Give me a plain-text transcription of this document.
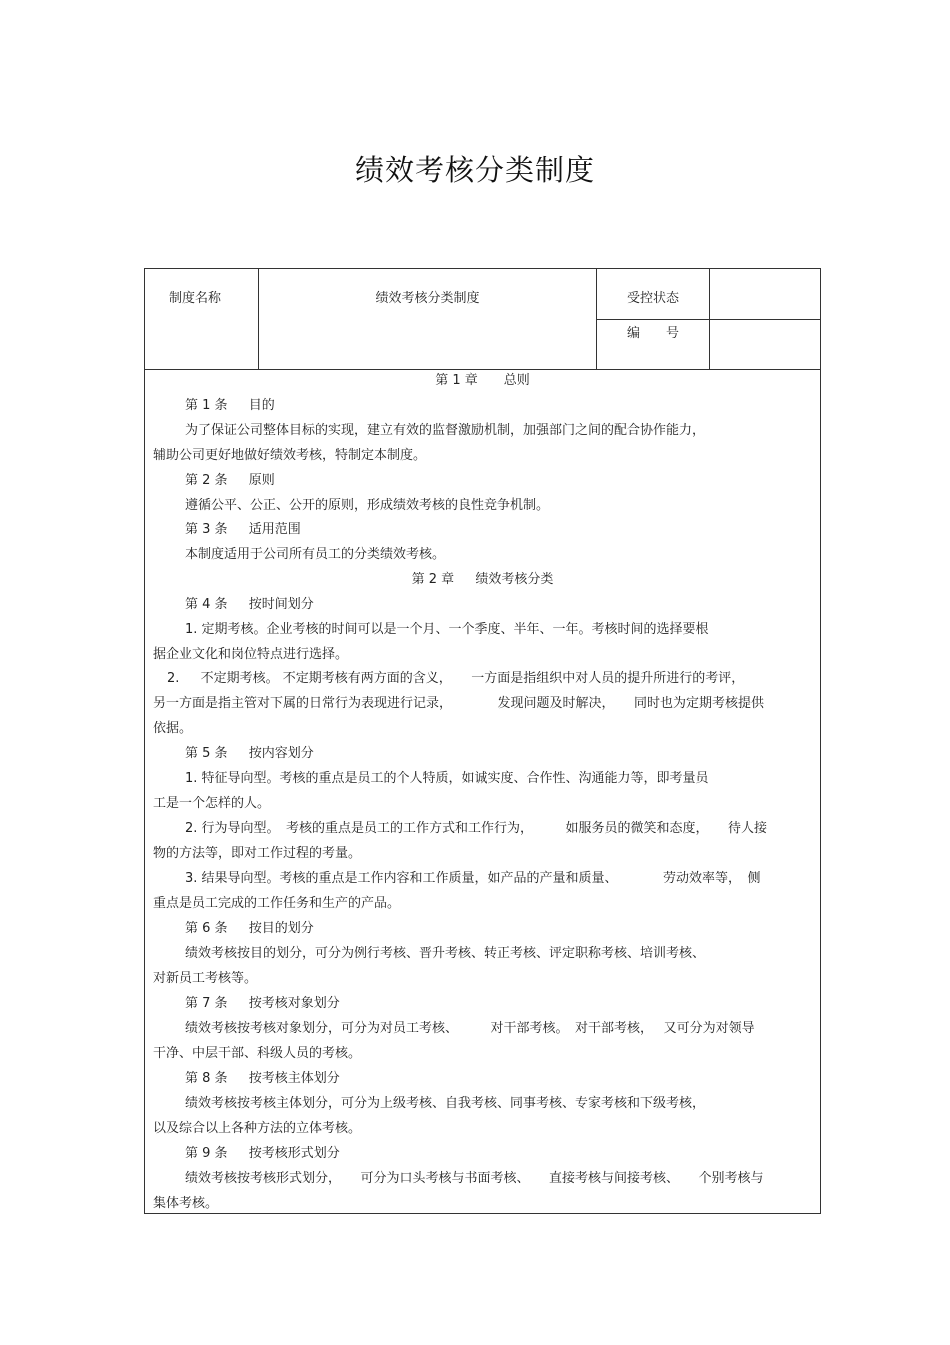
绩效考核分类制度
制度名称	绩效考核分类制度	受控状态
编　　号
第 1 章　　总则
第 1 条　  目的
为了保证公司整体目标的实现，建立有效的监督激励机制，加强部门之间的配合协作能力，
辅助公司更好地做好绩效考核，特制定本制度。
第 2 条　  原则
遵循公平、公正、公开的原则，形成绩效考核的良性竞争机制。
第 3 条　  适用范围
本制度适用于公司所有员工的分类绩效考核。
第 2 章　  绩效考核分类
第 4 条　  按时间划分
1. 定期考核。企业考核的时间可以是一个月、一个季度、半年、一年。考核时间的选择要根
据企业文化和岗位特点进行选择。
2.　  不定期考核。 不定期考核有两方面的含义，　　一方面是指组织中对人员的提升所进行的考评，
另一方面是指主管对下属的日常行为表现进行记录，　　　　发现问题及时解决，　　同时也为定期考核提供
依据。
第 5 条　  按内容划分
1. 特征导向型。考核的重点是员工的个人特质，如诚实度、合作性、沟通能力等，即考量员
工是一个怎样的人。
2. 行为导向型。　考核的重点是员工的工作方式和工作行为，　　　如服务员的微笑和态度，　　待人接
物的方法等，即对工作过程的考量。
3. 结果导向型。考核的重点是工作内容和工作质量，如产品的产量和质量、　　　　劳动效率等，　侧
重点是员工完成的工作任务和生产的产品。
第 6 条　  按目的划分
绩效考核按目的划分，可分为例行考核、晋升考核、转正考核、评定职称考核、培训考核、
对新员工考核等。
第 7 条　  按考核对象划分
绩效考核按考核对象划分，可分为对员工考核、　　　对干部考核。　对干部考核，　 又可分为对领导
干净、中层干部、科级人员的考核。
第 8 条　  按考核主体划分
绩效考核按考核主体划分，可分为上级考核、自我考核、同事考核、专家考核和下级考核，
以及综合以上各种方法的立体考核。
第 9 条　  按考核形式划分
绩效考核按考核形式划分，　　可分为口头考核与书面考核、　　直接考核与间接考核、　　个别考核与
集体考核。
